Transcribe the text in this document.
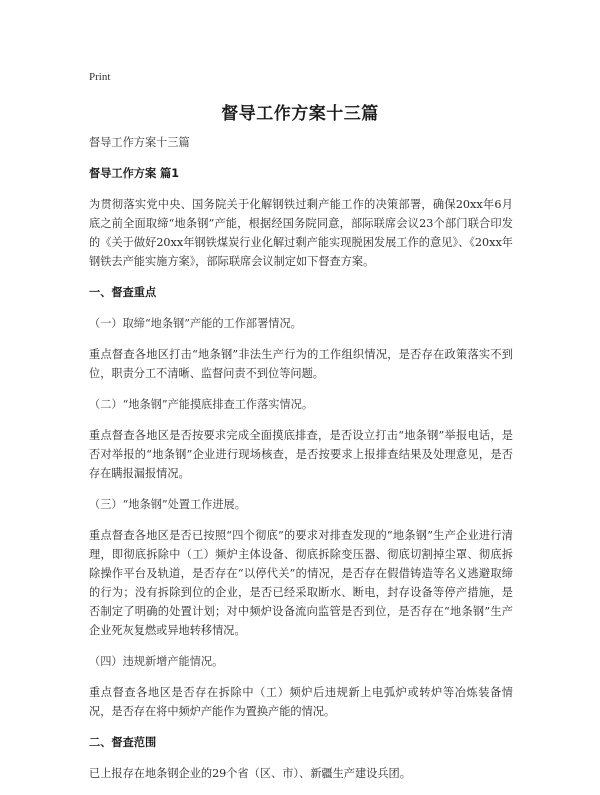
Print
督导工作方案十三篇

督导工作方案十三篇

督导工作方案 篇1

为贯彻落实党中央、国务院关于化解钢铁过剩产能工作的决策部署，确保20xx年6月底之前全面取缔“地条钢”产能，根据经国务院同意，部际联席会议23个部门联合印发的《关于做好20xx年钢铁煤炭行业化解过剩产能实现脱困发展工作的意见》、《20xx年钢铁去产能实施方案》，部际联席会议制定如下督查方案。

一、督查重点

（一）取缔“地条钢”产能的工作部署情况。

重点督查各地区打击“地条钢”非法生产行为的工作组织情况，是否存在政策落实不到位，职责分工不清晰、监督问责不到位等问题。

（二）“地条钢”产能摸底排查工作落实情况。

重点督查各地区是否按要求完成全面摸底排查，是否设立打击“地条钢”举报电话，是否对举报的“地条钢”企业进行现场核查，是否按要求上报排查结果及处理意见，是否存在瞒报漏报情况。

（三）“地条钢”处置工作进展。

重点督查各地区是否已按照“四个彻底”的要求对排查发现的“地条钢”生产企业进行清理，即彻底拆除中（工）频炉主体设备、彻底拆除变压器、彻底切割掉尘罩、彻底拆除操作平台及轨道，是否存在“以停代关”的情况，是否存在假借铸造等名义逃避取缔的行为；没有拆除到位的企业，是否已经采取断水、断电，封存设备等停产措施，是否制定了明确的处置计划；对中频炉设备流向监管是否到位，是否存在“地条钢”生产企业死灰复燃或异地转移情况。

（四）违规新增产能情况。

重点督查各地区是否存在拆除中（工）频炉后违规新上电弧炉或转炉等冶炼装备情况，是否存在将中频炉产能作为置换产能的情况。

二、督查范围

已上报存在地条钢企业的29个省（区、市）、新疆生产建设兵团。
